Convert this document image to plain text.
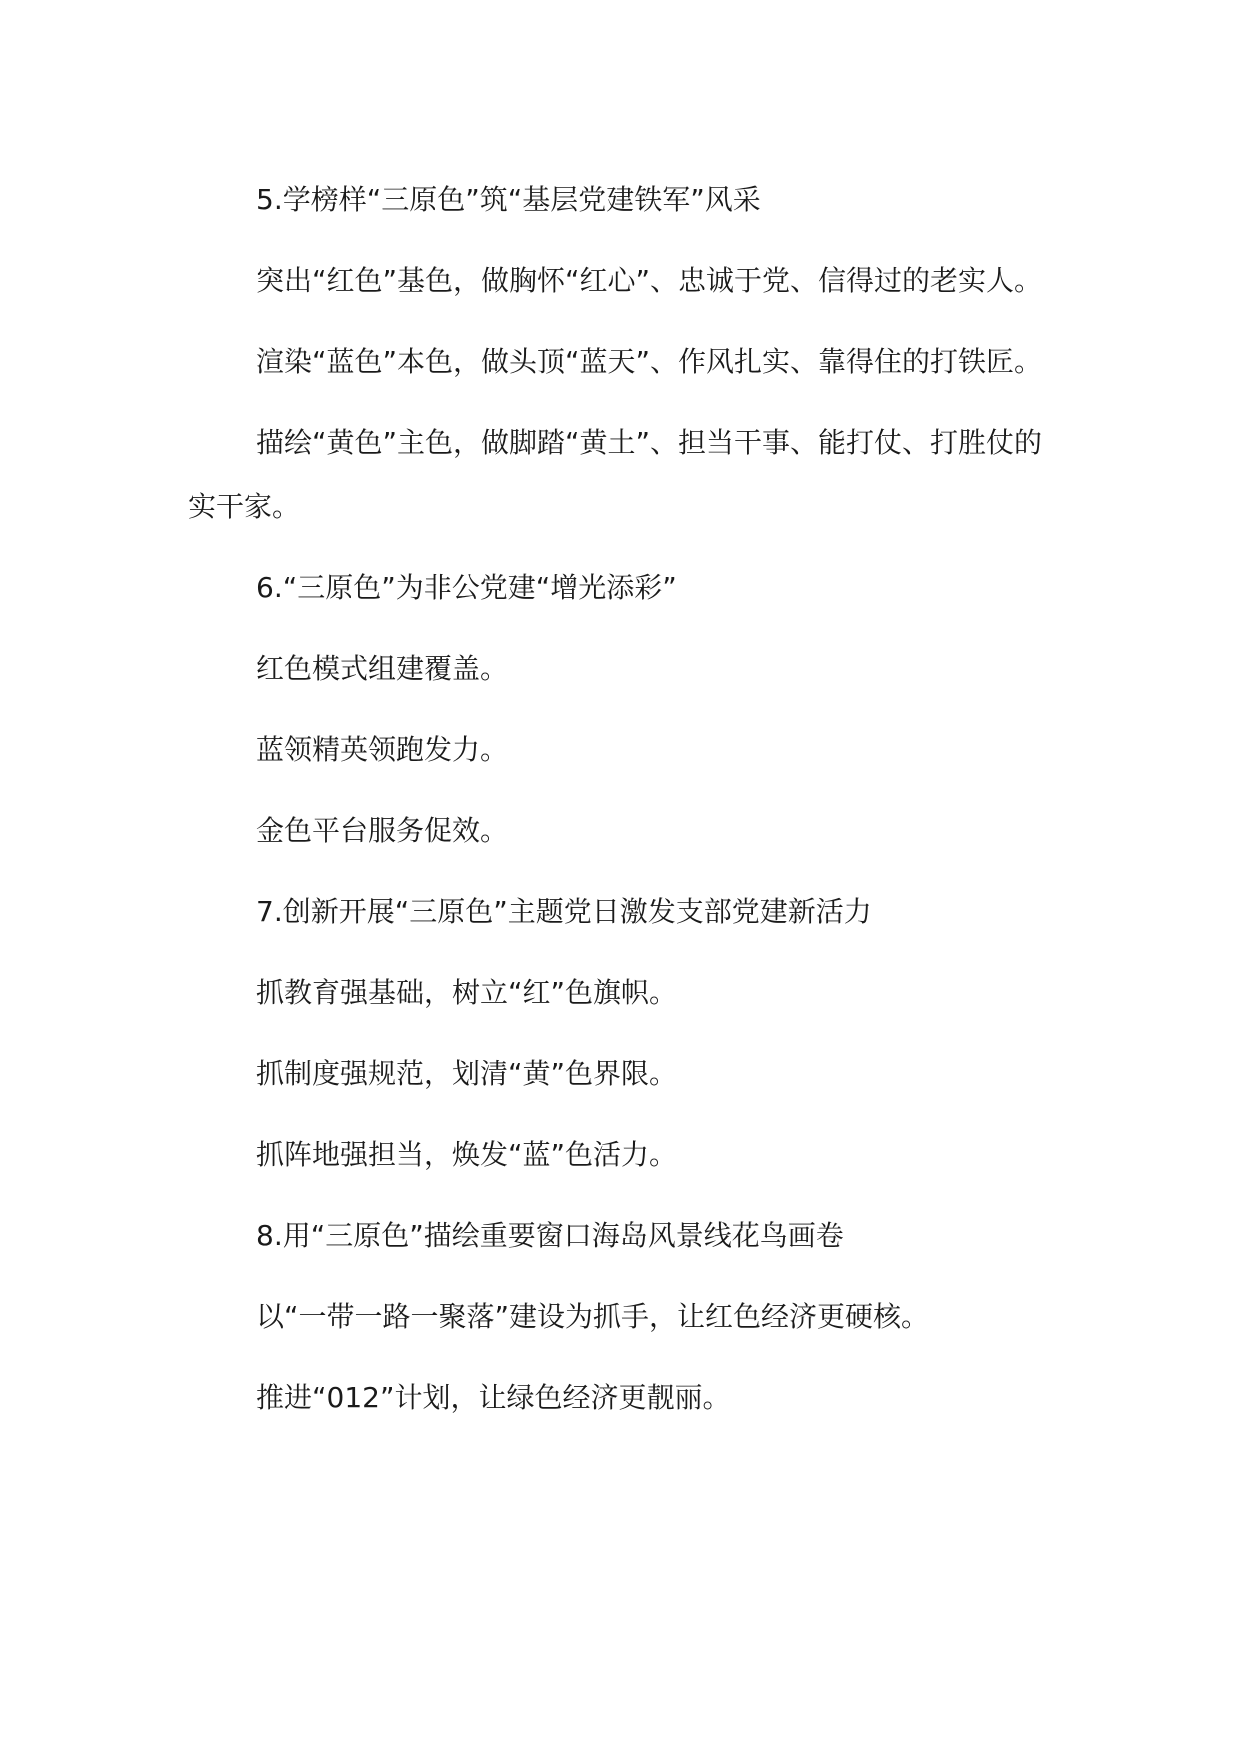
5.学榜样“三原色”筑“基层党建铁军”风采

突出“红色”基色，做胸怀“红心”、忠诚于党、信得过的老实人。

渲染“蓝色”本色，做头顶“蓝天”、作风扎实、靠得住的打铁匠。

描绘“黄色”主色，做脚踏“黄土”、担当干事、能打仗、打胜仗的实干家。

6.“三原色”为非公党建“增光添彩”

红色模式组建覆盖。

蓝领精英领跑发力。

金色平台服务促效。

7.创新开展“三原色”主题党日激发支部党建新活力

抓教育强基础，树立“红”色旗帜。

抓制度强规范，划清“黄”色界限。

抓阵地强担当，焕发“蓝”色活力。

8.用“三原色”描绘重要窗口海岛风景线花鸟画卷

以“一带一路一聚落”建设为抓手，让红色经济更硬核。

推进“012”计划，让绿色经济更靓丽。
